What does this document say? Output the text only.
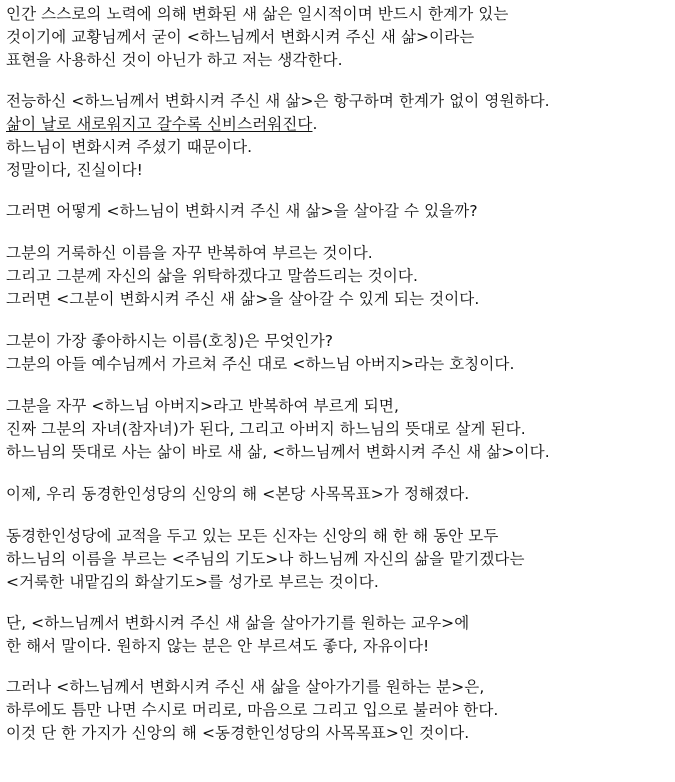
인간 스스로의 노력에 의해 변화된 새 삶은 일시적이며 반드시 한계가 있는
것이기에 교황님께서 굳이 <하느님께서 변화시켜 주신 새 삶>이라는
표현을 사용하신 것이 아닌가 하고 저는 생각한다.

전능하신 <하느님께서 변화시켜 주신 새 삶>은 항구하며 한계가 없이 영원하다.
삶이 날로 새로워지고 갈수록 신비스러워진다.
하느님이 변화시켜 주셨기 때문이다.
정말이다, 진실이다!

그러면 어떻게 <하느님이 변화시켜 주신 새 삶>을 살아갈 수 있을까?

그분의 거룩하신 이름을 자꾸 반복하여 부르는 것이다.
그리고 그분께 자신의 삶을 위탁하겠다고 말씀드리는 것이다.
그러면 <그분이 변화시켜 주신 새 삶>을 살아갈 수 있게 되는 것이다.

그분이 가장 좋아하시는 이름(호칭)은 무엇인가?
그분의 아들 예수님께서 가르쳐 주신 대로 <하느님 아버지>라는 호칭이다.

그분을 자꾸 <하느님 아버지>라고 반복하여 부르게 되면,
진짜 그분의 자녀(참자녀)가 된다, 그리고 아버지 하느님의 뜻대로 살게 된다.
하느님의 뜻대로 사는 삶이 바로 새 삶, <하느님께서 변화시켜 주신 새 삶>이다.

이제, 우리 동경한인성당의 신앙의 해 <본당 사목목표>가 정해졌다.

동경한인성당에 교적을 두고 있는 모든 신자는 신앙의 해 한 해 동안 모두
하느님의 이름을 부르는 <주님의 기도>나 하느님께 자신의 삶을 맡기겠다는
<거룩한 내맡김의 화살기도>를 성가로 부르는 것이다.

단, <하느님께서 변화시켜 주신 새 삶을 살아가기를 원하는 교우>에
한 해서 말이다. 원하지 않는 분은 안 부르셔도 좋다, 자유이다!

그러나 <하느님께서 변화시켜 주신 새 삶을 살아가기를 원하는 분>은,
하루에도 틈만 나면 수시로 머리로, 마음으로 그리고 입으로 불러야 한다.
이것 단 한 가지가 신앙의 해 <동경한인성당의 사목목표>인 것이다.
